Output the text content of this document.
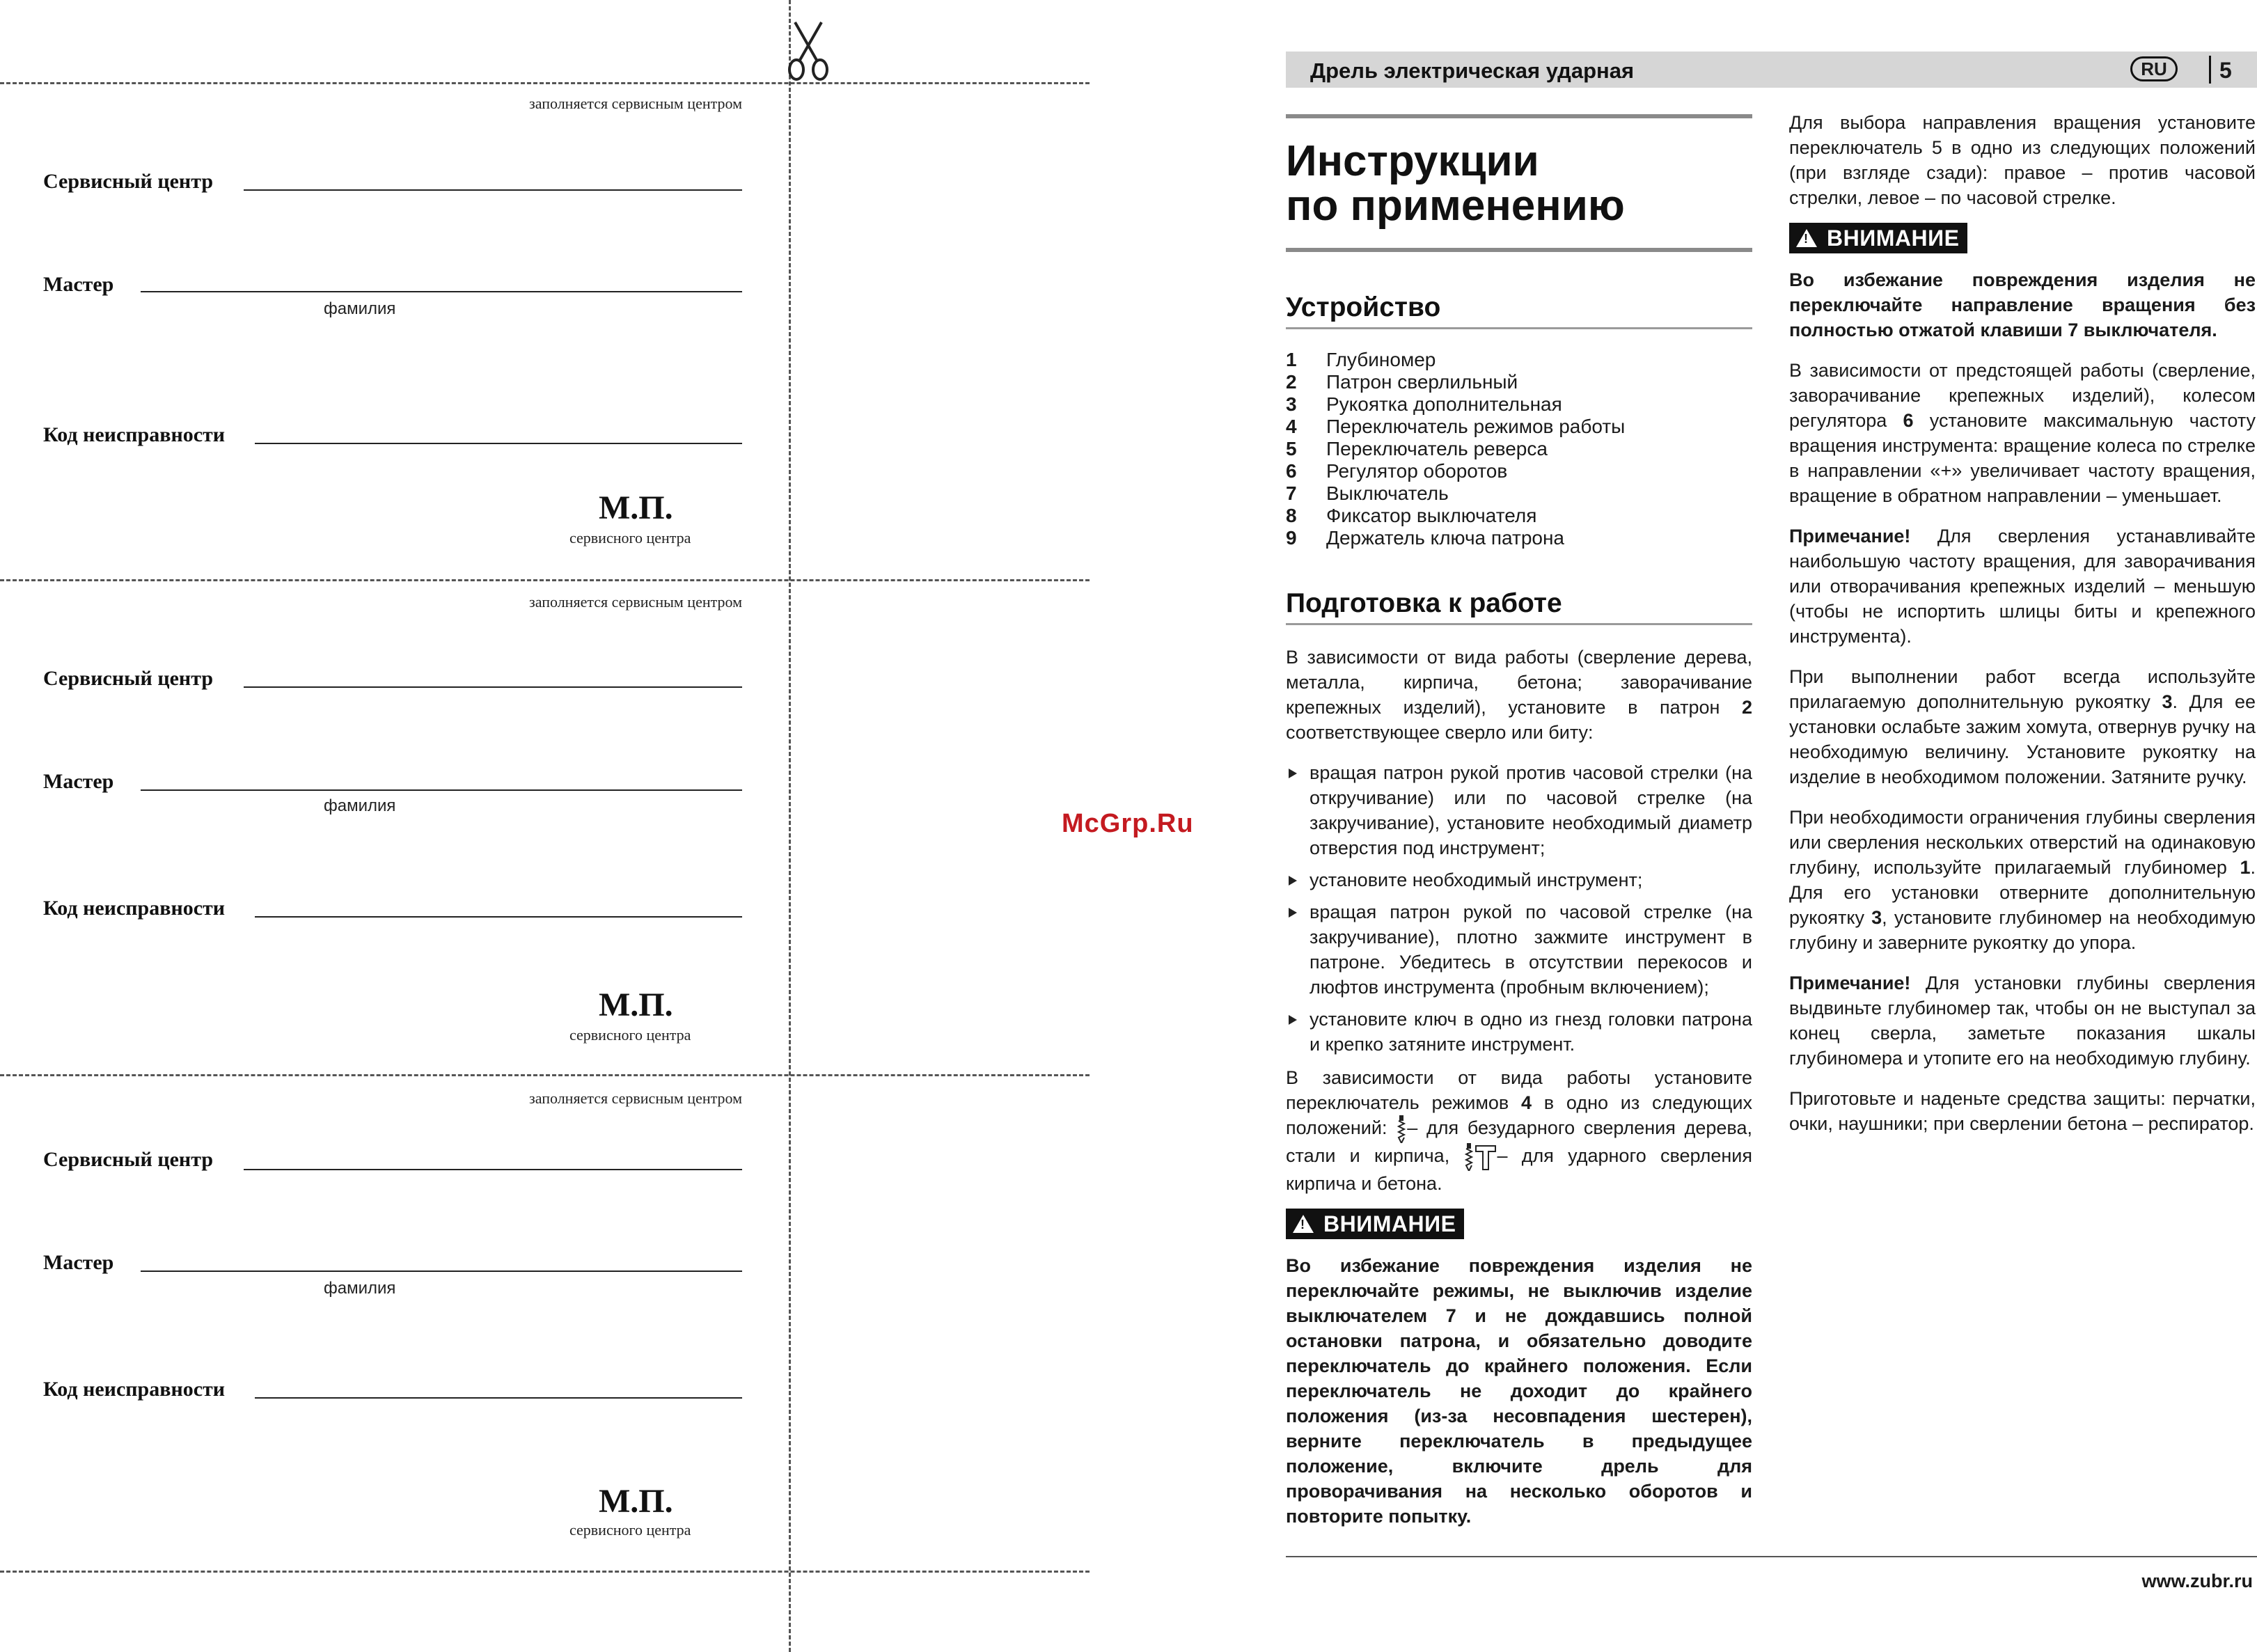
заполняется сервисным центром
Сервисный центр
Мастер
фамилия
Код неисправности
М.П.
сервисного центра
заполняется сервисным центром
Сервисный центр
Мастер
фамилия
Код неисправности
М.П.
сервисного центра
заполняется сервисным центром
Сервисный центр
Мастер
фамилия
Код неисправности
М.П.
сервисного центра
McGrp.Ru
Дрель электрическая ударная	RU	5
Инструкции
по применению
Устройство
1	Глубиномер
2	Патрон сверлильный
3	Рукоятка дополнительная
4	Переключатель режимов работы
5	Переключатель реверса
6	Регулятор оборотов
7	Выключатель
8	Фиксатор выключателя
9	Держатель ключа патрона
Подготовка к работе

В зависимости от вида работы (сверление дерева, металла, кирпича, бетона; заворачивание крепежных изделий), установите в патрон 2 соответствующее сверло или биту:

вращая патрон рукой против часовой стрелки (на откручивание) или по часовой стрелке (на закручивание), установите необходимый диаметр отверстия под инструмент;
установите необходимый инструмент;
вращая патрон рукой по часовой стрелке (на закручивание), плотно зажмите инструмент в патроне. Убедитесь в отсутствии перекосов и люфтов инструмента (пробным включением);
установите ключ в одно из гнезд головки патрона и крепко затяните инструмент.

В зависимости от вида работы установите переключатель режимов 4 в одно из следующих положений: – для безударного сверления дерева, стали и кирпича, – для ударного сверления кирпича и бетона.

!
ВНИМАНИЕ

Во избежание повреждения изделия не переключайте режимы, не выключив изделие выключателем 7 и не дождавшись полной остановки патрона, и обязательно доводите переключатель до крайнего положения. Если переключатель не доходит до крайнего положения (из-за несовпадения шестерен), верните переключатель в предыдущее положение, включите дрель для проворачивания на несколько оборотов и повторите попытку.

Для выбора направления вращения установите переключатель 5 в одно из следующих положений (при взгляде сзади): правое – против часовой стрелки, левое – по часовой стрелке.

!
ВНИМАНИЕ

Во избежание повреждения изделия не переключайте направление вращения без полностью отжатой клавиши 7 выключателя.

В зависимости от предстоящей работы (сверление, заворачивание крепежных изделий), колесом регулятора 6 установите максимальную частоту вращения инструмента: вращение колеса по стрелке в направлении «+» увеличивает частоту вращения, вращение в обратном направлении – уменьшает.

Примечание! Для сверления устанавливайте наибольшую частоту вращения, для заворачивания или отворачивания крепежных изделий – меньшую (чтобы не испортить шлицы биты и крепежного инструмента).

При выполнении работ всегда используйте прилагаемую дополнительную рукоятку 3. Для ее установки ослабьте зажим хомута, отвернув ручку на необходимую величину. Установите рукоятку на изделие в необходимом положении. Затяните ручку.

При необходимости ограничения глубины сверления или сверления нескольких отверстий на одинаковую глубину, используйте прилагаемый глубиномер 1. Для его установки отверните дополнительную рукоятку 3, установите глубиномер на необходимую глубину и заверните рукоятку до упора.

Примечание! Для установки глубины сверления выдвиньте глубиномер так, чтобы он не выступал за конец сверла, заметьте показания шкалы глубиномера и утопите его на необходимую глубину.

Приготовьте и наденьте средства защиты: перчатки, очки, наушники; при сверлении бетона – респиратор.

www.zubr.ru
